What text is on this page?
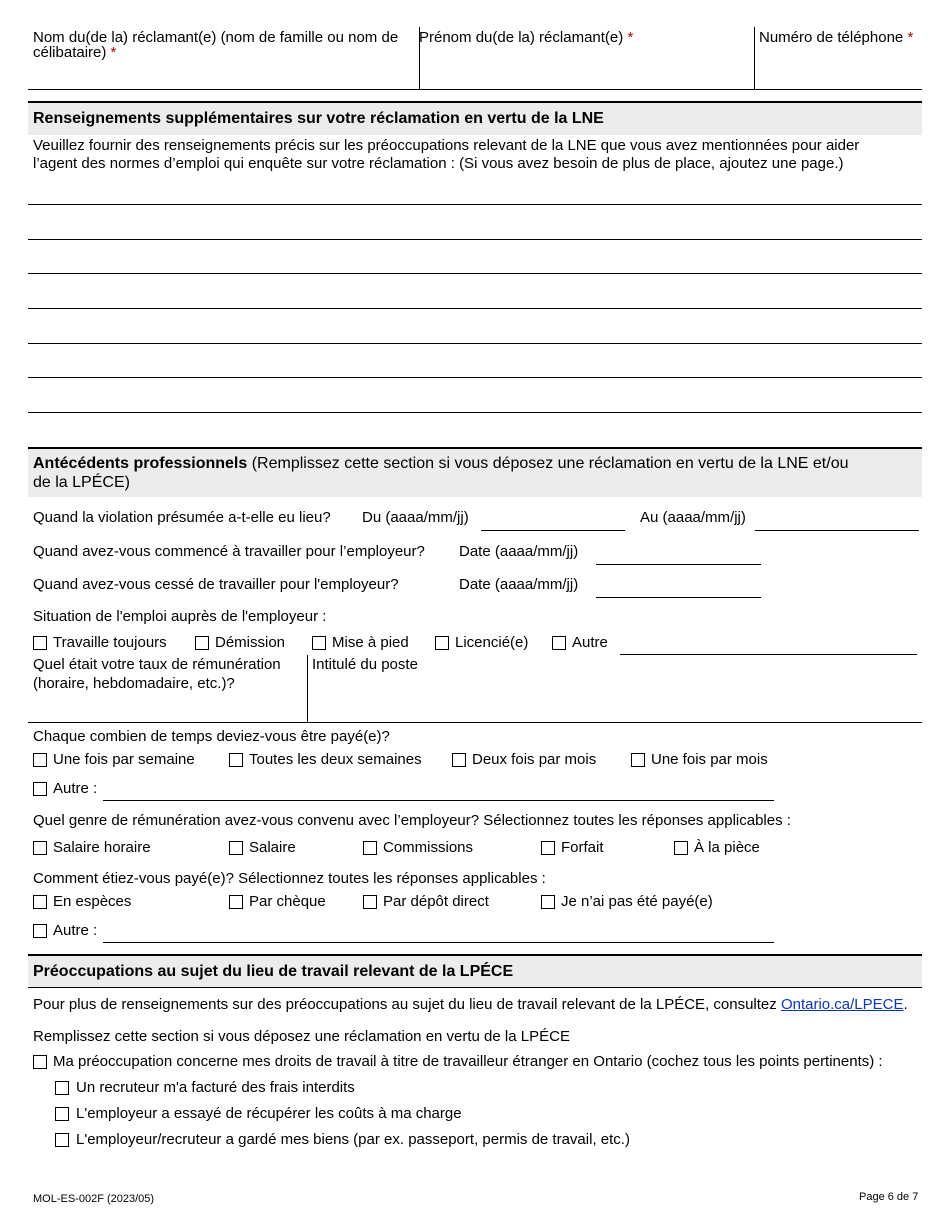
Nom du(de la) réclamant(e) (nom de famille ou nom de
célibataire) *
Prénom du(de la) réclamant(e) *	Numéro de téléphone *
Renseignements supplémentaires sur votre réclamation en vertu de la LNE
Veuillez fournir des renseignements précis sur les préoccupations relevant de la LNE que vous avez mentionnées pour aider
l’agent des normes d’emploi qui enquête sur votre réclamation : (Si vous avez besoin de plus de place, ajoutez une page.)
Antécédents professionnels (Remplissez cette section si vous déposez une réclamation en vertu de la LNE et/ou
de la LPÉCE)
Quand la violation présumée a-t-elle eu lieu? Du (aaaa/mm/jj)	Au (aaaa/mm/jj)
Quand avez-vous commencé à travailler pour l’employeur? Date (aaaa/mm/jj)
Quand avez-vous cessé de travailler pour l'employeur?	Date (aaaa/mm/jj)
Situation de l'emploi auprès de l'employeur :
Travaille toujours	Démission	Mise à pied	Licencié(e)	Autre
Quel était votre taux de rémunération
(horaire, hebdomadaire, etc.)?
Intitulé du poste
Chaque combien de temps deviez-vous être payé(e)?
Une fois par semaine	Toutes les deux semaines	Deux fois par mois	Une fois par mois
Autre :
Quel genre de rémunération avez-vous convenu avec l’employeur? Sélectionnez toutes les réponses applicables :
Salaire horaire	Salaire	Commissions	Forfait	À la pièce
Comment étiez-vous payé(e)? Sélectionnez toutes les réponses applicables :
En espèces	Par chèque	Par dépôt direct	Je n’ai pas été payé(e)
Autre :
Préoccupations au sujet du lieu de travail relevant de la LPÉCE
Pour plus de renseignements sur des préoccupations au sujet du lieu de travail relevant de la LPÉCE, consultez Ontario.ca/LPECE.
Remplissez cette section si vous déposez une réclamation en vertu de la LPÉCE
Ma préoccupation concerne mes droits de travail à titre de travailleur étranger en Ontario (cochez tous les points pertinents) :
Un recruteur m'a facturé des frais interdits
L'employeur a essayé de récupérer les coûts à ma charge
L'employeur/recruteur a gardé mes biens (par ex. passeport, permis de travail, etc.)
MOL-ES-002F (2023/05)	Page 6 de 7
